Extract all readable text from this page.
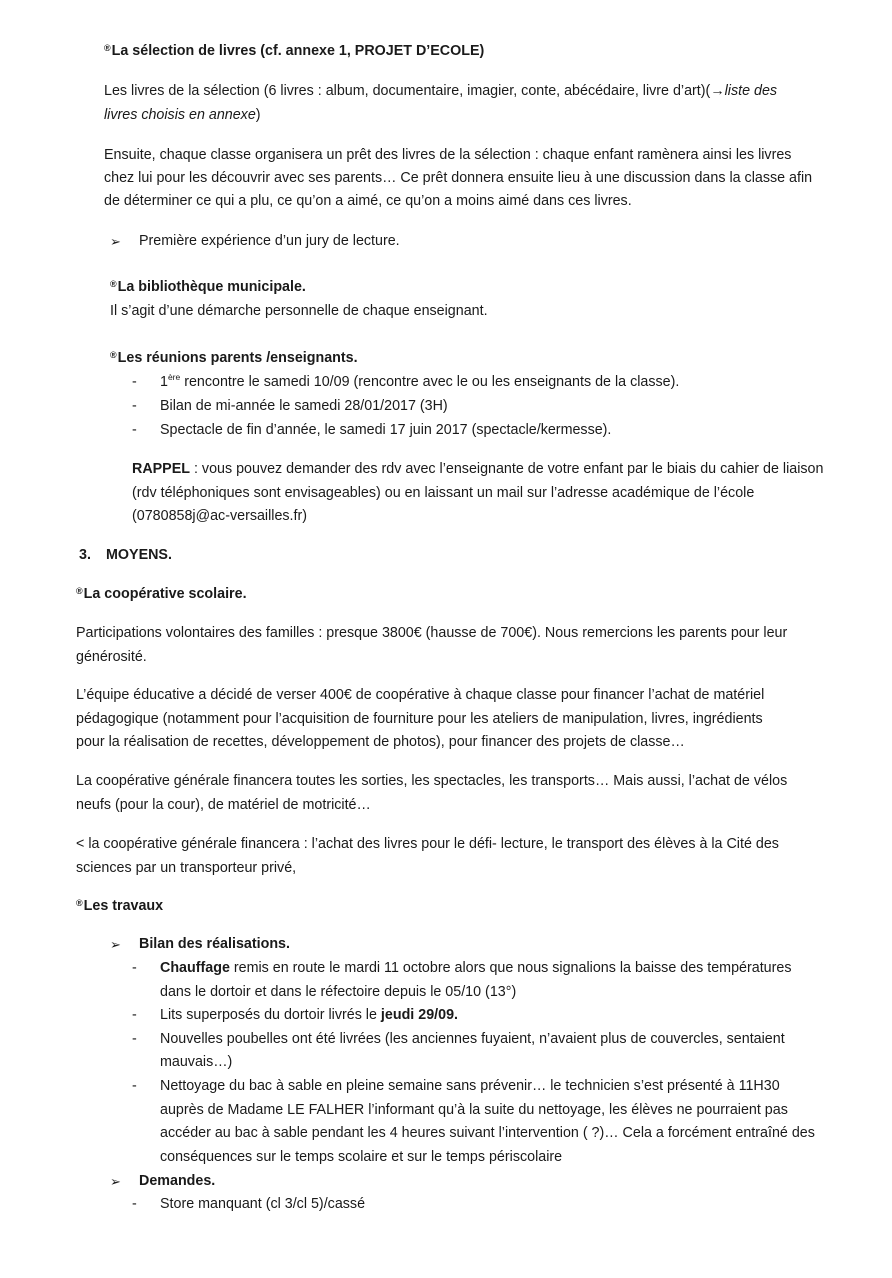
®La sélection de livres (cf. annexe 1, PROJET D’ECOLE)
Les livres de la sélection (6 livres : album, documentaire, imagier, conte, abécédaire, livre d’art)(→liste des
livres choisis en annexe)
Ensuite, chaque classe organisera un prêt des livres de la sélection : chaque enfant ramènera ainsi les livres
chez lui pour les découvrir avec ses parents… Ce prêt donnera ensuite lieu à une discussion dans la classe afin
de déterminer ce qui a plu, ce qu’on a aimé, ce qu’on a moins aimé dans ces livres.
➢ Première expérience d’un jury de lecture.
®La bibliothèque municipale.
Il s’agit d’une démarche personnelle de chaque enseignant.
®Les réunions parents /enseignants.
- 1ère rencontre le samedi 10/09 (rencontre avec le ou les enseignants de la classe).
- Bilan de mi-année le samedi 28/01/2017 (3H)
- Spectacle de fin d’année, le samedi 17 juin 2017 (spectacle/kermesse).
RAPPEL : vous pouvez demander des rdv avec l’enseignante de votre enfant par le biais du cahier de liaison
(rdv téléphoniques sont envisageables) ou en laissant un mail sur l’adresse académique de l’école
(0780858j@ac-versailles.fr)
3. MOYENS.
®La coopérative scolaire.
Participations volontaires des familles : presque 3800€ (hausse de 700€). Nous remercions les parents pour leur
générosité.
L’équipe éducative a décidé de verser 400€ de coopérative à chaque classe pour financer l’achat de matériel
pédagogique (notamment pour l’acquisition de fourniture pour les ateliers de manipulation, livres, ingrédients
pour la réalisation de recettes, développement de photos), pour financer des projets de classe…
La coopérative générale financera toutes les sorties, les spectacles, les transports… Mais aussi, l’achat de vélos
neufs (pour la cour), de matériel de motricité…
< la coopérative générale financera : l’achat des livres pour le défi- lecture, le transport des élèves à la Cité des
sciences par un transporteur privé,
®Les travaux
➢ Bilan des réalisations.
- Chauffage remis en route le mardi 11 octobre alors que nous signalions la baisse des températures
dans le dortoir et dans le réfectoire depuis le 05/10 (13°)
- Lits superposés du dortoir livrés le jeudi 29/09.
- Nouvelles poubelles ont été livrées (les anciennes fuyaient, n’avaient plus de couvercles, sentaient
mauvais…)
- Nettoyage du bac à sable en pleine semaine sans prévenir… le technicien s’est présenté à 11H30
auprès de Madame LE FALHER l’informant qu’à la suite du nettoyage, les élèves ne pourraient pas
accéder au bac à sable pendant les 4 heures suivant l’intervention ( ?)… Cela a forcément entraîné des
conséquences sur le temps scolaire et sur le temps périscolaire
➢ Demandes.
- Store manquant (cl 3/cl 5)/cassé
